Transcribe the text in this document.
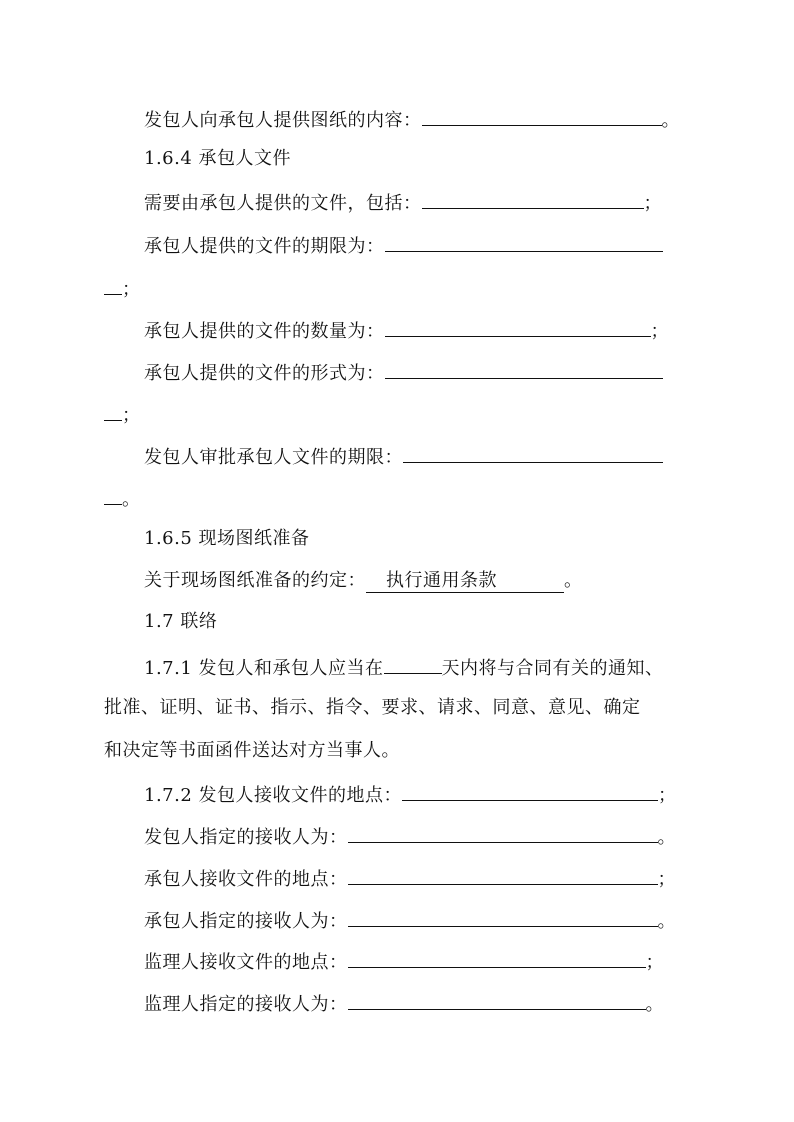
发包人向承包人提供图纸的内容：	。
1.6.4 承包人文件
需要由承包人提供的文件，包括：	；
承包人提供的文件的期限为：
；
承包人提供的文件的数量为：	；
承包人提供的文件的形式为：
；
发包人审批承包人文件的期限：
。
1.6.5 现场图纸准备
关于现场图纸准备的约定： 执行通用条款	。
1.7 联络
1.7.1 发包人和承包人应当在	天内将与合同有关的通知、
批准、证明、证书、指示、指令、要求、请求、同意、意见、确定
和决定等书面函件送达对方当事人。
1.7.2 发包人接收文件的地点：	；
发包人指定的接收人为：	。
承包人接收文件的地点：	；
承包人指定的接收人为：	。
监理人接收文件的地点：	；
监理人指定的接收人为：	。
